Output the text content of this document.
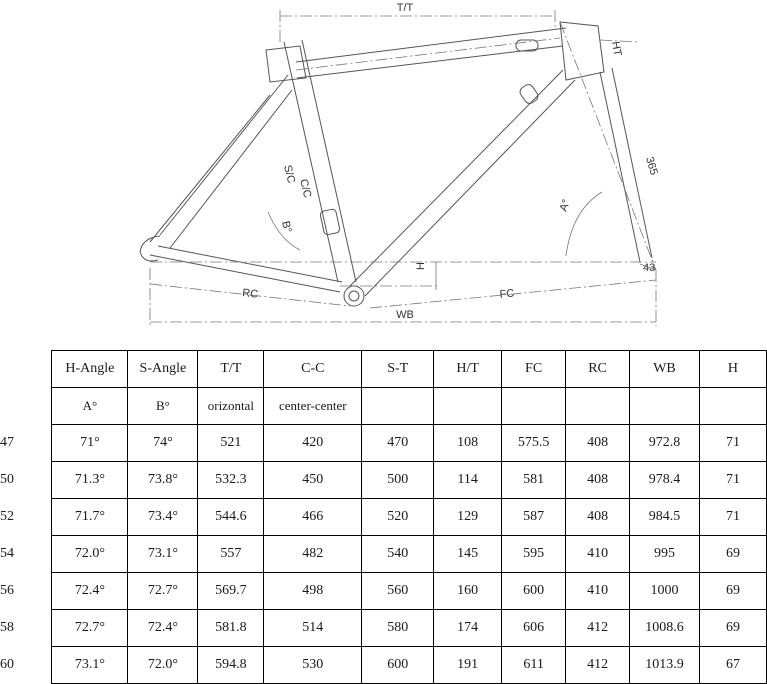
T/T
HT
365
S/C
C/C
B°
A°
H	43
RC	FC
WB
	H-Angle	S-Angle	T/T	C-C	S-T	H/T	FC	RC	WB	H
	A°	B°	orizontal	center-center						
47	71°	74°	521	420	470	108	575.5	408	972.8	71
50	71.3°	73.8°	532.3	450	500	114	581	408	978.4	71
52	71.7°	73.4°	544.6	466	520	129	587	408	984.5	71
54	72.0°	73.1°	557	482	540	145	595	410	995	69
56	72.4°	72.7°	569.7	498	560	160	600	410	1000	69
58	72.7°	72.4°	581.8	514	580	174	606	412	1008.6	69
60	73.1°	72.0°	594.8	530	600	191	611	412	1013.9	67
